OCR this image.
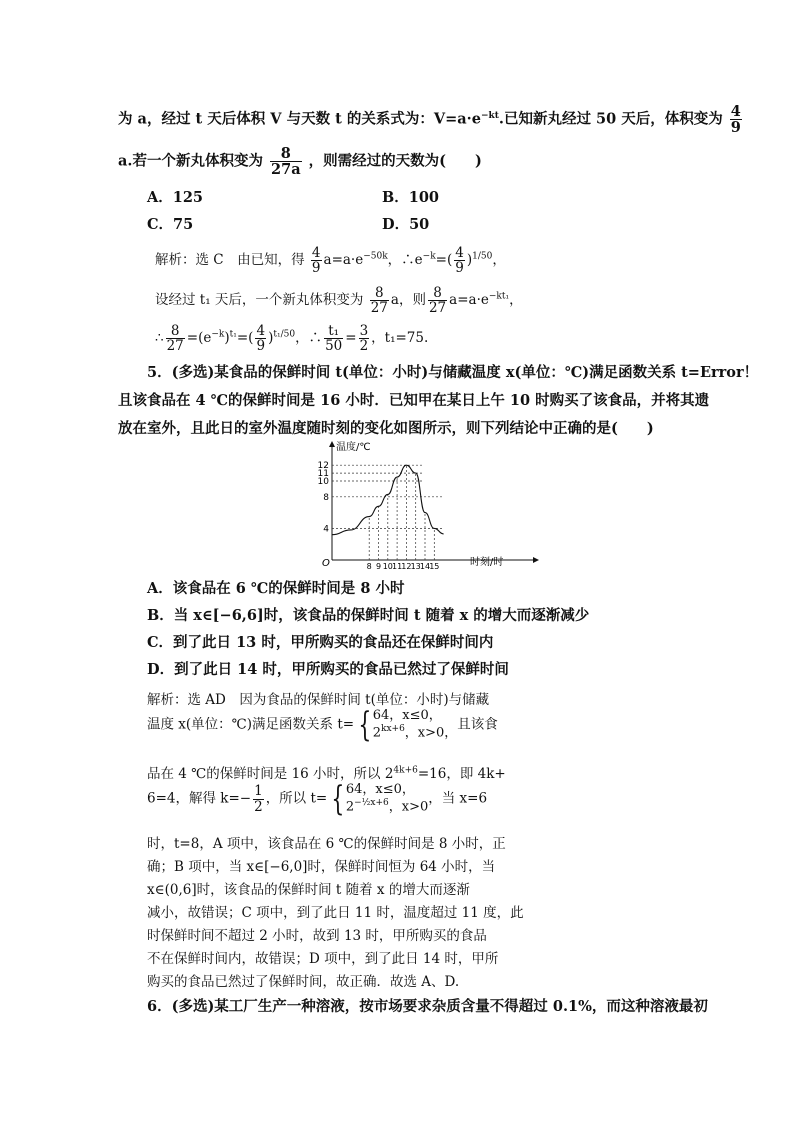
为 a，经过 t 天后体积 V 与天数 t 的关系式为：$V=a\cdot e^{-kt}$.已知新丸经过 50 天后，体积变为 $\frac{4}{9}$
a.若一个新丸体积变为 $\frac{8}{27a}$ ，则需经过的天数为(　　)
A．125	B．100
C．75	D．50
解析：选 C　由已知，得 $\frac{4}{9} a=a\cdot e^{-50k}$，$\therefore e^{-k}=( \frac{4}{9} )^{1/50}$，
设经过 t₁ 天后，一个新丸体积变为 $\frac{8}{27}$ a，则 $\frac{8}{27} a=a\cdot e^{-kt_1}$，
∴ $\frac{8}{27} =(e^{-k})^{t_1}=( \frac{4}{9} )^{t_1/50}$，∴ $\frac{\text{t₁}}{50} = \frac{3}{2}$ ，t₁=75.
5．(多选)某食品的保鲜时间 t(单位：小时)与储藏温度 x(单位：℃)满足函数关系 t=Error！
且该食品在 4 ℃的保鲜时间是 16 小时．已知甲在某日上午 10 时购买了该食品，并将其遗
放在室外，且此日的室外温度随时刻的变化如图所示，则下列结论中正确的是(　　)
温度/℃
时刻/时
O
12
11
10
8
4
8 9 10 11 12 13 14 15
A．该食品在 6 ℃的保鲜时间是 8 小时
B．当 x∈[−6,6]时，该食品的保鲜时间 t 随着 x 的增大而逐渐减少
C．到了此日 13 时，甲所购买的食品还在保鲜时间内
D．到了此日 14 时，甲所购买的食品已然过了保鲜时间
解析：选 AD　因为食品的保鲜时间 t(单位：小时)与储藏
温度 x(单位：℃)满足函数关系 t= {64，x≤0，
$2^{kx+6}$，x>0，且该食
品在 4 ℃的保鲜时间是 16 小时，所以 $2^{4k+6}=16$，即 4k+
6=4，解得 $k=- \frac{1}{2}$ ，所以 t= {64，x≤0，
$2^{-\frac{1}{2}x+6}$，x>0，当 x=6
时，t=8，A 项中，该食品在 6 ℃的保鲜时间是 8 小时，正
确；B 项中，当 x∈[−6,0]时，保鲜时间恒为 64 小时，当
x∈(0,6]时，该食品的保鲜时间 t 随着 x 的增大而逐渐
减小，故错误；C 项中，到了此日 11 时，温度超过 11 度，此
时保鲜时间不超过 2 小时，故到 13 时，甲所购买的食品
不在保鲜时间内，故错误；D 项中，到了此日 14 时，甲所
购买的食品已然过了保鲜时间，故正确．故选 A、D.
6．(多选)某工厂生产一种溶液，按市场要求杂质含量不得超过 0.1%，而这种溶液最初
